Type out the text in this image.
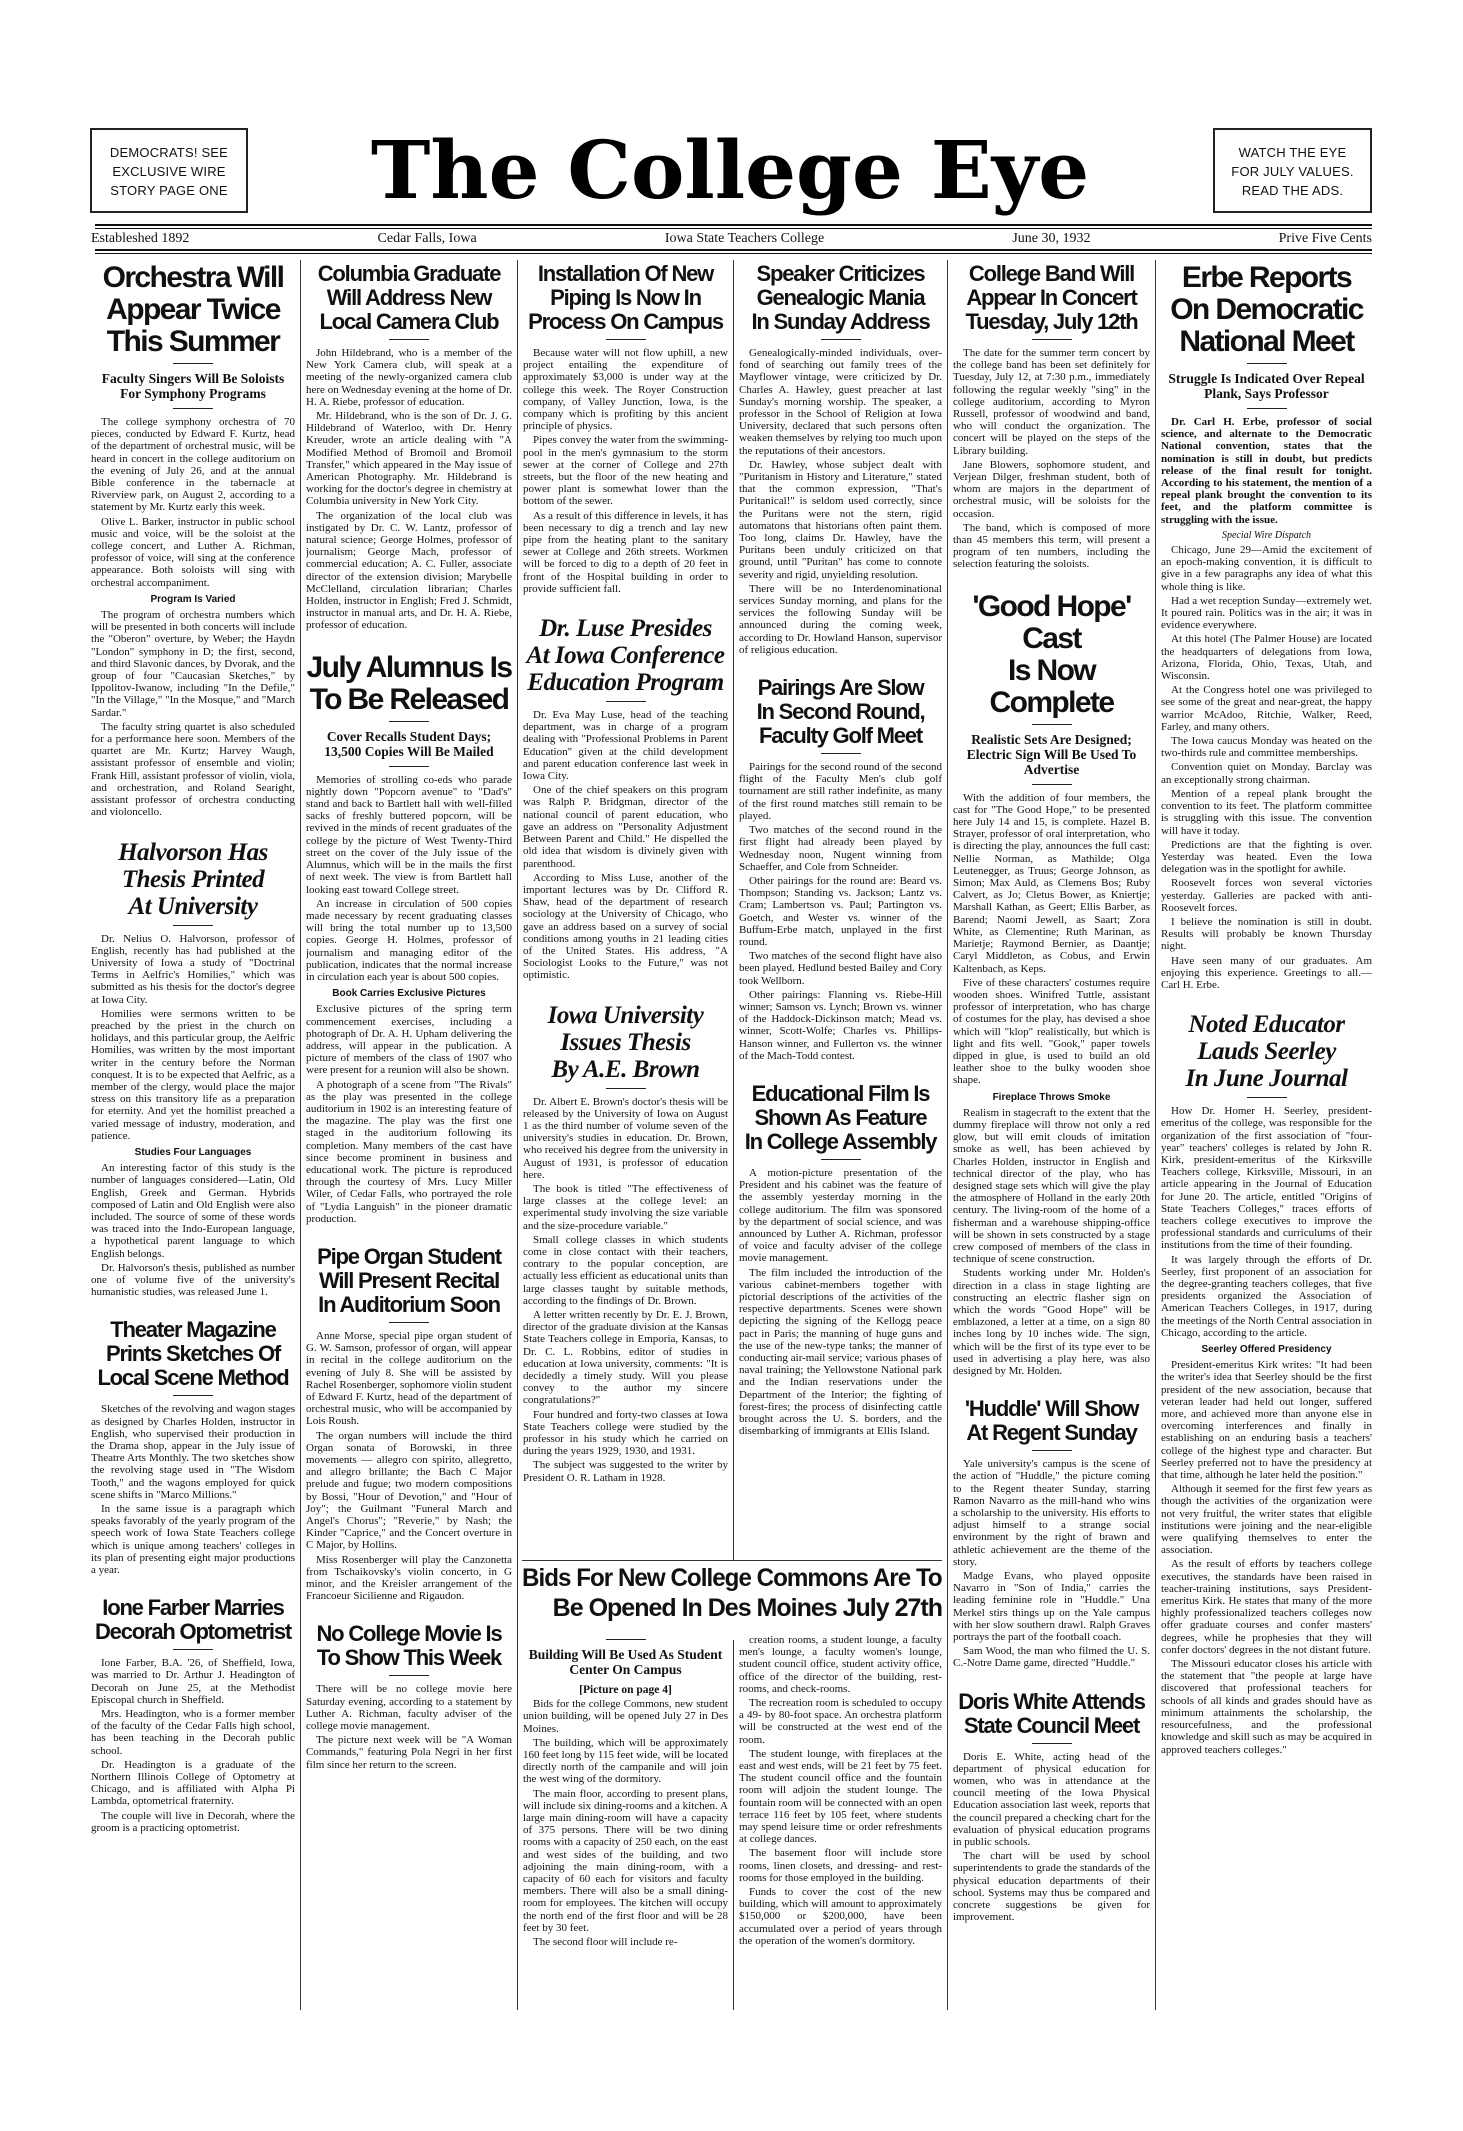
DEMOCRATS! SEE
EXCLUSIVE WIRE
STORY PAGE ONE	The College Eye	WATCH THE EYE
FOR JULY VALUES.
READ THE ADS.
Estableshed 1892	Cedar Falls, Iowa	Iowa State Teachers College	June 30, 1932	Prive Five Cents
Orchestra Will
Appear Twice
This Summer
Faculty Singers Will Be Soloists For Symphony Programs

The college symphony orchestra of 70 pieces, conducted by Edward F. Kurtz, head of the department of orchestral music, will be heard in concert in the college auditorium on the evening of July 26, and at the annual Bible conference in the tabernacle at Riverview park, on August 2, according to a statement by Mr. Kurtz early this week.

Olive L. Barker, instructor in public school music and voice, will be the soloist at the college concert, and Luther A. Richman, professor of voice, will sing at the conference appearance. Both soloists will sing with orchestral accompaniment.

Program Is Varied

The program of orchestra numbers which will be presented in both concerts will include the "Oberon" overture, by Weber; the Haydn "London" symphony in D; the first, second, and third Slavonic dances, by Dvorak, and the group of four "Caucasian Sketches," by Ippolitov-Iwanow, including "In the Defile," "In the Village," "In the Mosque," and "March Sardar."

The faculty string quartet is also scheduled for a performance here soon. Members of the quartet are Mr. Kurtz; Harvey Waugh, assistant professor of ensemble and violin; Frank Hill, assistant professor of violin, viola, and orchestration, and Roland Searight, assistant professor of orchestra conducting and violoncello.

Halvorson Has
Thesis Printed
At University

Dr. Nelius O. Halvorson, professor of English, recently has had published at the University of Iowa a study of "Doctrinal Terms in Aelfric's Homilies," which was submitted as his thesis for the doctor's degree at Iowa City.

Homilies were sermons written to be preached by the priest in the church on holidays, and this particular group, the Aelfric Homilies, was written by the most important writer in the century before the Norman conquest. It is to be expected that Aelfric, as a member of the clergy, would place the major stress on this transitory life as a preparation for eternity. And yet the homilist preached a varied message of industry, moderation, and patience.

Studies Four Languages

An interesting factor of this study is the number of languages considered—Latin, Old English, Greek and German. Hybrids composed of Latin and Old English were also included. The source of some of these words was traced into the Indo-European language, a hypothetical parent language to which English belongs.

Dr. Halvorson's thesis, published as number one of volume five of the university's humanistic studies, was released June 1.

Theater Magazine
Prints Sketches Of
Local Scene Method

Sketches of the revolving and wagon stages as designed by Charles Holden, instructor in English, who supervised their production in the Drama shop, appear in the July issue of Theatre Arts Monthly. The two sketches show the revolving stage used in "The Wisdom Tooth," and the wagons employed for quick scene shifts in "Marco Millions."

In the same issue is a paragraph which speaks favorably of the yearly program of the speech work of Iowa State Teachers college which is unique among teachers' colleges in its plan of presenting eight major productions a year.

Ione Farber Marries
Decorah Optometrist

Ione Farber, B.A. '26, of Sheffield, Iowa, was married to Dr. Arthur J. Headington of Decorah on June 25, at the Methodist Episcopal church in Sheffield.

Mrs. Headington, who is a former member of the faculty of the Cedar Falls high school, has been teaching in the Decorah public school.

Dr. Headington is a graduate of the Northern Illinois College of Optometry at Chicago, and is affiliated with Alpha Pi Lambda, optometrical fraternity.

The couple will live in Decorah, where the groom is a practicing optometrist.

Columbia Graduate
Will Address New
Local Camera Club

John Hildebrand, who is a member of the New York Camera club, will speak at a meeting of the newly-organized camera club here on Wednesday evening at the home of Dr. H. A. Riebe, professor of education.

Mr. Hildebrand, who is the son of Dr. J. G. Hildebrand of Waterloo, with Dr. Henry Kreuder, wrote an article dealing with "A Modified Method of Bromoil and Bromoil Transfer," which appeared in the May issue of American Photography. Mr. Hildebrand is working for the doctor's degree in chemistry at Columbia university in New York City.

The organization of the local club was instigated by Dr. C. W. Lantz, professor of natural science; George Holmes, professor of journalism; George Mach, professor of commercial education; A. C. Fuller, associate director of the extension division; Marybelle McClelland, circulation librarian; Charles Holden, instructor in English; Fred J. Schmidt, instructor in manual arts, and Dr. H. A. Riebe, professor of education.

July Alumnus Is
To Be Released
Cover Recalls Student Days; 13,500 Copies Will Be Mailed

Memories of strolling co-eds who parade nightly down "Popcorn avenue" to "Dad's" stand and back to Bartlett hall with well-filled sacks of freshly buttered popcorn, will be revived in the minds of recent graduates of the college by the picture of West Twenty-Third street on the cover of the July issue of the Alumnus, which will be in the mails the first of next week. The view is from Bartlett hall looking east toward College street.

An increase in circulation of 500 copies made necessary by recent graduating classes will bring the total number up to 13,500 copies. George H. Holmes, professor of journalism and managing editor of the publication, indicates that the normal increase in circulation each year is about 500 copies.

Book Carries Exclusive Pictures

Exclusive pictures of the spring term commencement exercises, including a photograph of Dr. A. H. Upham delivering the address, will appear in the publication. A picture of members of the class of 1907 who were present for a reunion will also be shown.

A photograph of a scene from "The Rivals" as the play was presented in the college auditorium in 1902 is an interesting feature of the magazine. The play was the first one staged in the auditorium following its completion. Many members of the cast have since become prominent in business and educational work. The picture is reproduced through the courtesy of Mrs. Lucy Miller Wiler, of Cedar Falls, who portrayed the role of "Lydia Languish" in the pioneer dramatic production.

Pipe Organ Student
Will Present Recital
In Auditorium Soon

Anne Morse, special pipe organ student of G. W. Samson, professor of organ, will appear in recital in the college auditorium on the evening of July 8. She will be assisted by Rachel Rosenberger, sophomore violin student of Edward F. Kurtz, head of the department of orchestral music, who will be accompanied by Lois Roush.

The organ numbers will include the third Organ sonata of Borowski, in three movements — allegro con spirito, allegretto, and allegro brillante; the Bach C Major prelude and fugue; two modern compositions by Bossi, "Hour of Devotion," and "Hour of Joy"; the Guilmant "Funeral March and Angel's Chorus"; "Reverie," by Nash; the Kinder "Caprice," and the Concert overture in C Major, by Hollins.

Miss Rosenberger will play the Canzonetta from Tschaikovsky's violin concerto, in G minor, and the Kreisler arrangement of the Francoeur Sicilienne and Rigaudon.

No College Movie Is
To Show This Week

There will be no college movie here Saturday evening, according to a statement by Luther A. Richman, faculty adviser of the college movie management.

The picture next week will be "A Woman Commands," featuring Pola Negri in her first film since her return to the screen.

Installation Of New
Piping Is Now In
Process On Campus

Because water will not flow uphill, a new project entailing the expenditure of approximately $3,000 is under way at the college this week. The Royer Construction company, of Valley Junction, Iowa, is the company which is profiting by this ancient principle of physics.

Pipes convey the water from the swimming-pool in the men's gymnasium to the storm sewer at the corner of College and 27th streets, but the floor of the new heating and power plant is somewhat lower than the bottom of the sewer.

As a result of this difference in levels, it has been necessary to dig a trench and lay new pipe from the heating plant to the sanitary sewer at College and 26th streets. Workmen will be forced to dig to a depth of 20 feet in front of the Hospital building in order to provide sufficient fall.

Dr. Luse Presides
At Iowa Conference
Education Program

Dr. Eva May Luse, head of the teaching department, was in charge of a program dealing with "Professional Problems in Parent Education" given at the child development and parent education conference last week in Iowa City.

One of the chief speakers on this program was Ralph P. Bridgman, director of the national council of parent education, who gave an address on "Personality Adjustment Between Parent and Child." He dispelled the old idea that wisdom is divinely given with parenthood.

According to Miss Luse, another of the important lectures was by Dr. Clifford R. Shaw, head of the department of research sociology at the University of Chicago, who gave an address based on a survey of social conditions among youths in 21 leading cities of the United States. His address, "A Sociologist Looks to the Future," was not optimistic.

Iowa University
Issues Thesis
By A.E. Brown

Dr. Albert E. Brown's doctor's thesis will be released by the University of Iowa on August 1 as the third number of volume seven of the university's studies in education. Dr. Brown, who received his degree from the university in August of 1931, is professor of education here.

The book is titled "The effectiveness of large classes at the college level: an experimental study involving the size variable and the size-procedure variable."

Small college classes in which students come in close contact with their teachers, contrary to the popular conception, are actually less efficient as educational units than large classes taught by suitable methods, according to the findings of Dr. Brown.

A letter written recently by Dr. E. J. Brown, director of the graduate division at the Kansas State Teachers college in Emporia, Kansas, to Dr. C. L. Robbins, editor of studies in education at Iowa university, comments: "It is decidedly a timely study. Will you please convey to the author my sincere congratulations?"

Four hundred and forty-two classes at Iowa State Teachers college were studied by the professor in his study which he carried on during the years 1929, 1930, and 1931.

The subject was suggested to the writer by President O. R. Latham in 1928.

Speaker Criticizes
Genealogic Mania
In Sunday Address

Genealogically-minded individuals, over-fond of searching out family trees of the Mayflower vintage, were criticized by Dr. Charles A. Hawley, guest preacher at last Sunday's morning worship. The speaker, a professor in the School of Religion at Iowa University, declared that such persons often weaken themselves by relying too much upon the reputations of their ancestors.

Dr. Hawley, whose subject dealt with "Puritanism in History and Literature," stated that the common expression, "That's Puritanical!" is seldom used correctly, since the Puritans were not the stern, rigid automatons that historians often paint them. Too long, claims Dr. Hawley, have the Puritans been unduly criticized on that ground, until "Puritan" has come to connote severity and rigid, unyielding resolution.

There will be no Interdenominational services Sunday morning, and plans for the services the following Sunday will be announced during the coming week, according to Dr. Howland Hanson, supervisor of religious education.

Pairings Are Slow
In Second Round,
Faculty Golf Meet

Pairings for the second round of the second flight of the Faculty Men's club golf tournament are still rather indefinite, as many of the first round matches still remain to be played.

Two matches of the second round in the first flight had already been played by Wednesday noon, Nugent winning from Schaeffer, and Cole from Schneider.

Other pairings for the round are: Beard vs. Thompson; Standing vs. Jackson; Lantz vs. Cram; Lambertson vs. Paul; Partington vs. Goetch, and Wester vs. winner of the Buffum-Erbe match, unplayed in the first round.

Two matches of the second flight have also been played. Hedlund bested Bailey and Cory took Wellborn.

Other pairings: Flanning vs. Riebe-Hill winner; Samson vs. Lynch; Brown vs. winner of the Haddock-Dickinson match; Mead vs. winner, Scott-Wolfe; Charles vs. Phillips-Hanson winner, and Fullerton vs. the winner of the Mach-Todd contest.

Educational Film Is
Shown As Feature
In College Assembly

A motion-picture presentation of the President and his cabinet was the feature of the assembly yesterday morning in the college auditorium. The film was sponsored by the department of social science, and was announced by Luther A. Richman, professor of voice and faculty adviser of the college movie management.

The film included the introduction of the various cabinet-members together with pictorial descriptions of the activities of the respective departments. Scenes were shown depicting the signing of the Kellogg peace pact in Paris; the manning of huge guns and the use of the new-type tanks; the manner of conducting air-mail service; various phases of naval training; the Yellowstone National park and the Indian reservations under the Department of the Interior; the fighting of forest-fires; the process of disinfecting cattle brought across the U. S. borders, and the disembarking of immigrants at Ellis Island.

College Band Will
Appear In Concert
Tuesday, July 12th

The date for the summer term concert by the college band has been set definitely for Tuesday, July 12, at 7:30 p.m., immediately following the regular weekly "sing" in the college auditorium, according to Myron Russell, professor of woodwind and band, who will conduct the organization. The concert will be played on the steps of the Library building.

Jane Blowers, sophomore student, and Verjean Dilger, freshman student, both of whom are majors in the department of orchestral music, will be soloists for the occasion.

The band, which is composed of more than 45 members this term, will present a program of ten numbers, including the selection featuring the soloists.

'Good Hope' Cast
Is Now Complete
Realistic Sets Are Designed; Electric Sign Will Be Used To Advertise

With the addition of four members, the cast for "The Good Hope," to be presented here July 14 and 15, is complete. Hazel B. Strayer, professor of oral interpretation, who is directing the play, announces the full cast: Nellie Norman, as Mathilde; Olga Leutenegger, as Truus; George Johnson, as Simon; Max Auld, as Clemens Bos; Ruby Calvert, as Jo; Cletus Bower, as Kniertje; Marshall Kathan, as Geert; Ellis Barber, as Barend; Naomi Jewell, as Saart; Zora White, as Clementine; Ruth Marinan, as Marietje; Raymond Bernier, as Daantje; Caryl Middleton, as Cobus, and Erwin Kaltenbach, as Keps.

Five of these characters' costumes require wooden shoes. Winifred Tuttle, assistant professor of interpretation, who has charge of costumes for the play, has devised a shoe which will "klop" realistically, but which is light and fits well. "Gook," paper towels dipped in glue, is used to build an old leather shoe to the bulky wooden shoe shape.

Fireplace Throws Smoke

Realism in stagecraft to the extent that the dummy fireplace will throw not only a red glow, but will emit clouds of imitation smoke as well, has been achieved by Charles Holden, instructor in English and technical director of the play, who has designed stage sets which will give the play the atmosphere of Holland in the early 20th century. The living-room of the home of a fisherman and a warehouse shipping-office will be shown in sets constructed by a stage crew composed of members of the class in technique of scene construction.

Students working under Mr. Holden's direction in a class in stage lighting are constructing an electric flasher sign on which the words "Good Hope" will be emblazoned, a letter at a time, on a sign 80 inches long by 10 inches wide. The sign, which will be the first of its type ever to be used in advertising a play here, was also designed by Mr. Holden.

'Huddle' Will Show
At Regent Sunday

Yale university's campus is the scene of the action of "Huddle," the picture coming to the Regent theater Sunday, starring Ramon Navarro as the mill-hand who wins a scholarship to the university. His efforts to adjust himself to a strange social environment by the right of brawn and athletic achievement are the theme of the story.

Madge Evans, who played opposite Navarro in "Son of India," carries the leading feminine role in "Huddle." Una Merkel stirs things up on the Yale campus with her slow southern drawl. Ralph Graves portrays the part of the football coach.

Sam Wood, the man who filmed the U. S. C.-Notre Dame game, directed "Huddle."

Doris White Attends
State Council Meet

Doris E. White, acting head of the department of physical education for women, who was in attendance at the council meeting of the Iowa Physical Education association last week, reports that the council prepared a checking chart for the evaluation of physical education programs in public schools.

The chart will be used by school superintendents to grade the standards of the physical education departments of their school. Systems may thus be compared and concrete suggestions be given for improvement.

Erbe Reports
On Democratic
National Meet
Struggle Is Indicated Over Repeal Plank, Says Professor

Dr. Carl H. Erbe, professor of social science, and alternate to the Democratic National convention, states that the nomination is still in doubt, but predicts release of the final result for tonight. According to his statement, the mention of a repeal plank brought the convention to its feet, and the platform committee is struggling with the issue.

Special Wire Dispatch

Chicago, June 29—Amid the excitement of an epoch-making convention, it is difficult to give in a few paragraphs any idea of what this whole thing is like.

Had a wet reception Sunday—extremely wet. It poured rain. Politics was in the air; it was in evidence everywhere.

At this hotel (The Palmer House) are located the headquarters of delegations from Iowa, Arizona, Florida, Ohio, Texas, Utah, and Wisconsin.

At the Congress hotel one was privileged to see some of the great and near-great, the happy warrior McAdoo, Ritchie, Walker, Reed, Farley, and many others.

The Iowa caucus Monday was heated on the two-thirds rule and committee memberships.

Convention quiet on Monday. Barclay was an exceptionally strong chairman.

Mention of a repeal plank brought the convention to its feet. The platform committee is struggling with this issue. The convention will have it today.

Predictions are that the fighting is over. Yesterday was heated. Even the Iowa delegation was in the spotlight for awhile.

Roosevelt forces won several victories yesterday. Galleries are packed with anti-Roosevelt forces.

I believe the nomination is still in doubt. Results will probably be known Thursday night.

Have seen many of our graduates. Am enjoying this experience. Greetings to all.—Carl H. Erbe.

Noted Educator
Lauds Seerley
In June Journal

How Dr. Homer H. Seerley, president-emeritus of the college, was responsible for the organization of the first association of "four-year" teachers' colleges is related by John R. Kirk, president-emeritus of the Kirksville Teachers college, Kirksville, Missouri, in an article appearing in the Journal of Education for June 20. The article, entitled "Origins of State Teachers Colleges," traces efforts of teachers college executives to improve the professional standards and curriculums of their institutions from the time of their founding.

It was largely through the efforts of Dr. Seerley, first proponent of an association for the degree-granting teachers colleges, that five presidents organized the Association of American Teachers Colleges, in 1917, during the meetings of the North Central association in Chicago, according to the article.

Seerley Offered Presidency

President-emeritus Kirk writes: "It had been the writer's idea that Seerley should be the first president of the new association, because that veteran leader had held out longer, suffered more, and achieved more than anyone else in overcoming interferences and finally in establishing on an enduring basis a teachers' college of the highest type and character. But Seerley preferred not to have the presidency at that time, although he later held the position."

Although it seemed for the first few years as though the activities of the organization were not very fruitful, the writer states that eligible institutions were joining and the near-eligible were qualifying themselves to enter the association.

As the result of efforts by teachers college executives, the standards have been raised in teacher-training institutions, says President-emeritus Kirk. He states that many of the more highly professionalized teachers colleges now offer graduate courses and confer masters' degrees, while he prophesies that they will confer doctors' degrees in the not distant future.

The Missouri educator closes his article with the statement that "the people at large have discovered that professional teachers for schools of all kinds and grades should have as minimum attainments the scholarship, the resourcefulness, and the professional knowledge and skill such as may be acquired in approved teachers colleges."

Bids For New College Commons Are To
Be Opened In Des Moines July 27th
Building Will Be Used As Student Center On Campus
[Picture on page 4]

Bids for the college Commons, new student union building, will be opened July 27 in Des Moines.

The building, which will be approximately 160 feet long by 115 feet wide, will be located directly north of the campanile and will join the west wing of the dormitory.

The main floor, according to present plans, will include six dining-rooms and a kitchen. A large main dining-room will have a capacity of 375 persons. There will be two dining rooms with a capacity of 250 each, on the east and west sides of the building, and two adjoining the main dining-room, with a capacity of 60 each for visitors and faculty members. There will also be a small dining-room for employees. The kitchen will occupy the north end of the first floor and will be 28 feet by 30 feet.

The second floor will include re-

creation rooms, a student lounge, a faculty men's lounge, a faculty women's lounge, student council office, student activity office, office of the director of the building, rest-rooms, and check-rooms.

The recreation room is scheduled to occupy a 49- by 80-foot space. An orchestra platform will be constructed at the west end of the room.

The student lounge, with fireplaces at the east and west ends, will be 21 feet by 75 feet. The student council office and the fountain room will adjoin the student lounge. The fountain room will be connected with an open terrace 116 feet by 105 feet, where students may spend leisure time or order refreshments at college dances.

The basement floor will include store rooms, linen closets, and dressing- and rest-rooms for those employed in the building.

Funds to cover the cost of the new building, which will amount to approximately $150,000 or $200,000, have been accumulated over a period of years through the operation of the women's dormitory.
